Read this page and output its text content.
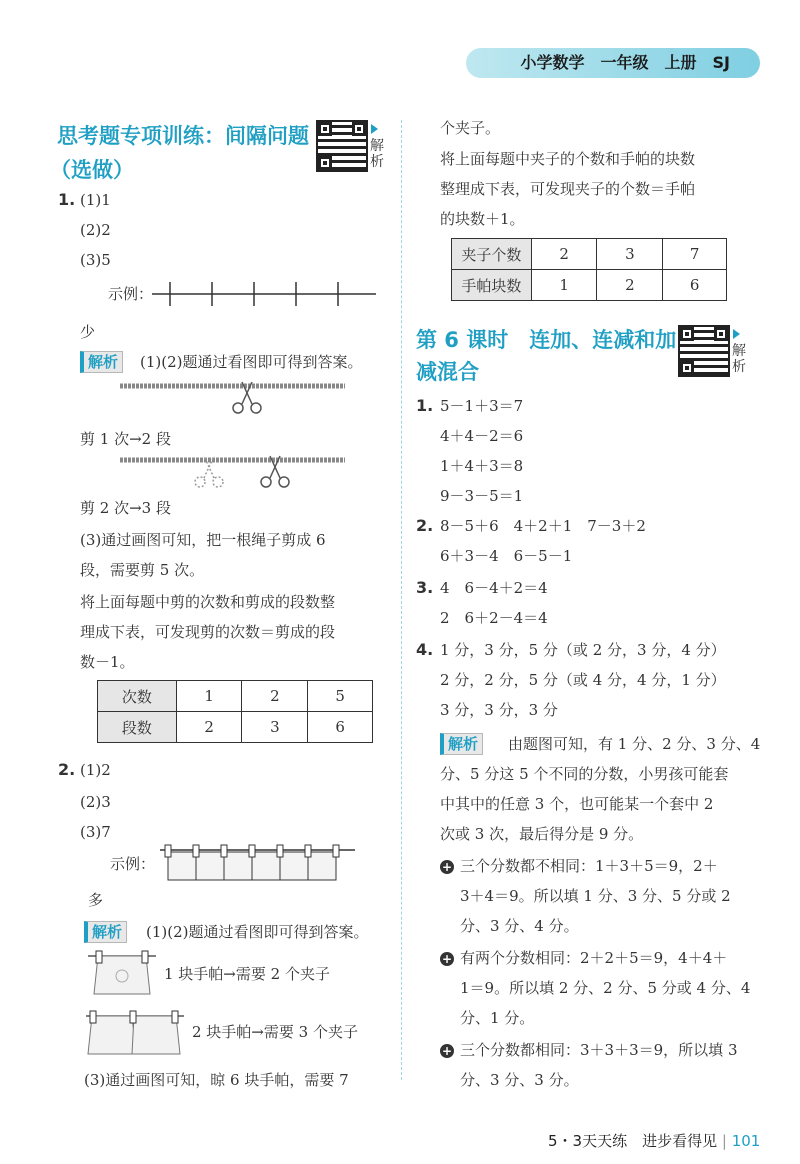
小学数学　一年级　上册　SJ
思考题专项训练：间隔问题
（选做）
解析
1. (1)1
(2)2
(3)5
示例：
少
解析	(1)(2)题通过看图即可得到答案。
剪 1 次→2 段
剪 2 次→3 段
(3)通过画图可知，把一根绳子剪成 6
段，需要剪 5 次。
将上面每题中剪的次数和剪成的段数整
理成下表，可发现剪的次数＝剪成的段
数－1。
次数	1	2	5
段数	2	3	6
2. (1)2
(2)3
(3)7
示例：
多
解析	(1)(2)题通过看图即可得到答案。
1 块手帕→需要 2 个夹子
2 块手帕→需要 3 个夹子
(3)通过画图可知，晾 6 块手帕，需要 7
个夹子。
将上面每题中夹子的个数和手帕的块数
整理成下表，可发现夹子的个数＝手帕
的块数＋1。
夹子个数	2	3	7
手帕块数	1	2	6
第 6 课时　连加、连减和加
减混合
解析
1. 5－1＋3＝7
4＋4－2＝6
1＋4＋3＝8
9－3－5＝1
2. 8－5＋6　4＋2＋1　7－3＋2
6＋3－4　6－5－1
3. 4　6－4＋2＝4
2　6＋2－4＝4
4. 1 分，3 分，5 分（或 2 分，3 分，4 分）
2 分，2 分，5 分（或 4 分，4 分，1 分）
3 分，3 分，3 分
解析	由题图可知，有 1 分、2 分、3 分、4
分、5 分这 5 个不同的分数，小男孩可能套
中其中的任意 3 个，也可能某一个套中 2
次或 3 次，最后得分是 9 分。
+ 三个分数都不相同：1＋3＋5＝9，2＋
3＋4＝9。所以填 1 分、3 分、5 分或 2
分、3 分、4 分。
+ 有两个分数相同：2＋2＋5＝9，4＋4＋
1＝9。所以填 2 分、2 分、5 分或 4 分、4
分、1 分。
+ 三个分数都相同：3＋3＋3＝9，所以填 3
分、3 分、3 分。
5・3天天练　进步看得见 | 101
